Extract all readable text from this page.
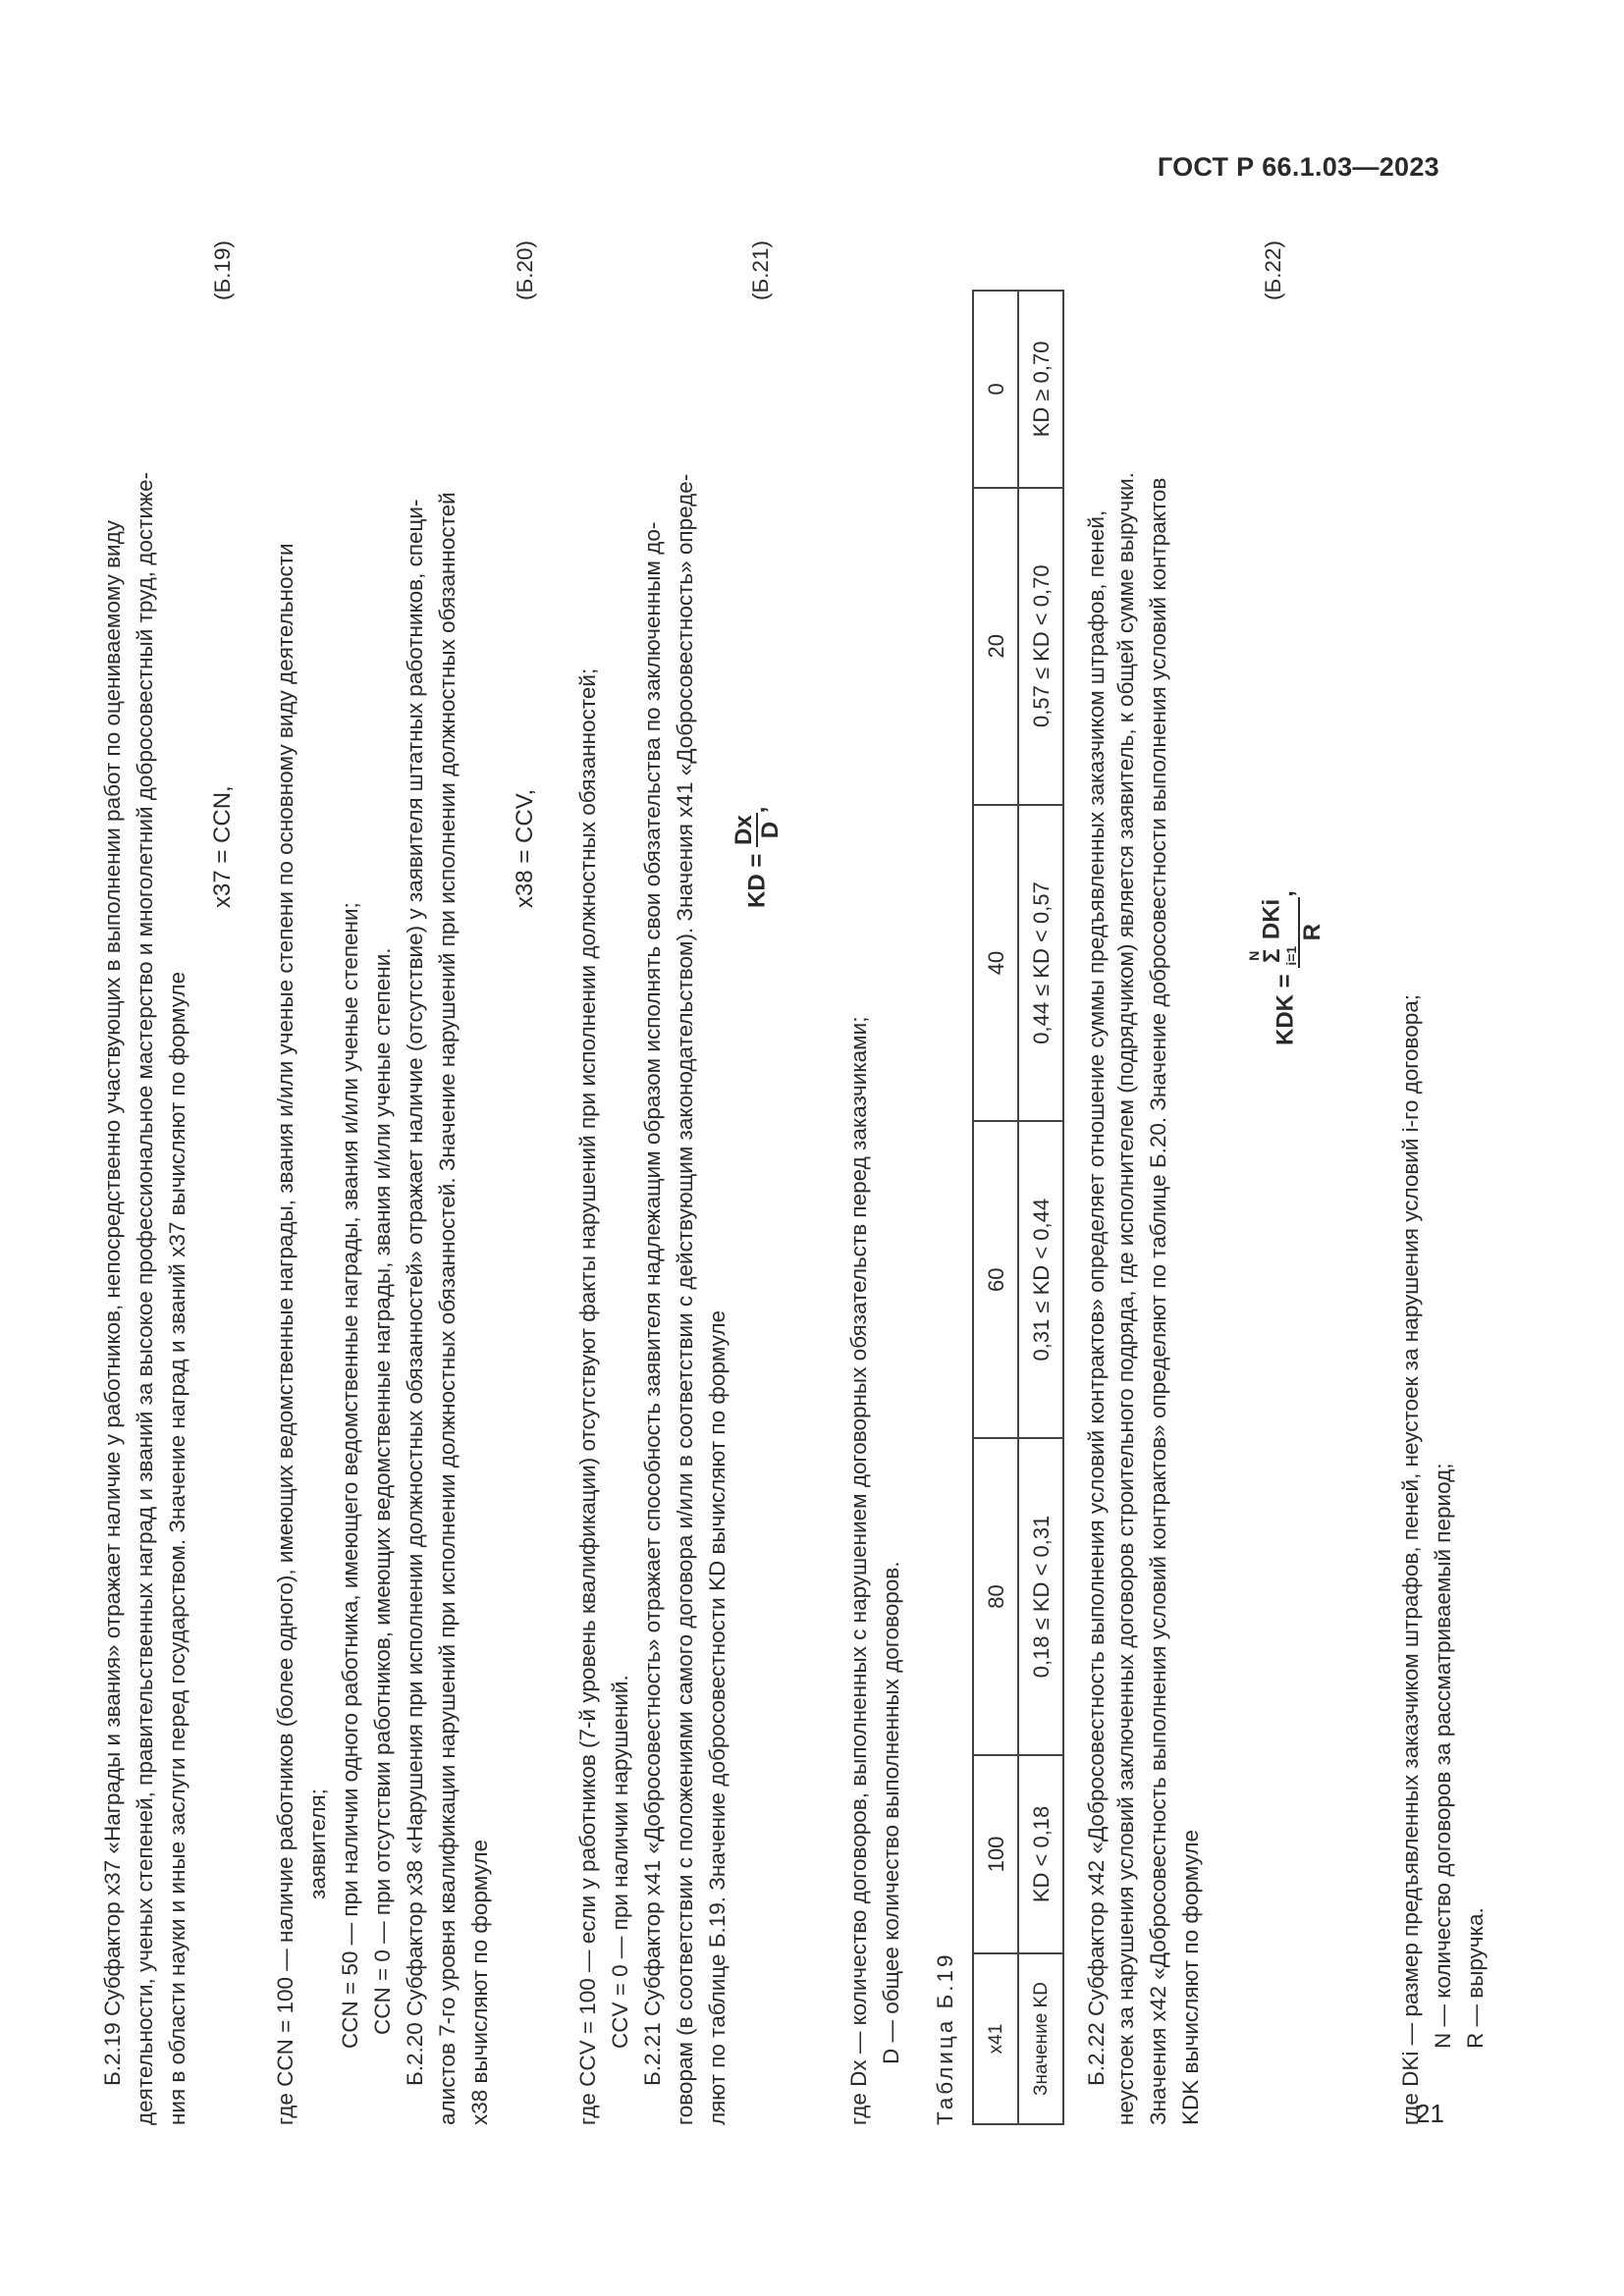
ГОСТ Р 66.1.03—2023
Б.2.19 Субфактор x37 «Награды и звания» отражает наличие у работников, непосредственно участвующих в выполнении работ по оцениваемому виду деятельности, ученых степеней, правительственных наград и званий за высокое профессиональное мастерство и многолетний добросовестный труд, достиже- ния в области науки и иные заслуги перед государством. Значение наград и званий x37 вычисляют по формуле
x37 = CCN,
(Б.19)
где CCN = 100 — наличие работников (более одного), имеющих ведомственные награды, звания и/или ученые степени по основному виду деятельности заявителя; CCN = 50 — при наличии одного работника, имеющего ведомственные награды, звания и/или ученые степени; CCN = 0 — при отсутствии работников, имеющих ведомственные награды, звания и/или ученые степени. Б.2.20 Субфактор x38 «Нарушения при исполнении должностных обязанностей» отражает наличие (отсутствие) у заявителя штатных работников, специ- алистов 7-го уровня квалификации нарушений при исполнении должностных обязанностей. Значение нарушений при исполнении должностных обязанностей x38 вычисляют по формуле
x38 = CCV,
(Б.20)
где CCV = 100 — если у работников (7-й уровень квалификации) отсутствуют факты нарушений при исполнении должностных обязанностей; CCV = 0 — при наличии нарушений. Б.2.21 Субфактор x41 «Добросовестность» отражает способность заявителя надлежащим образом исполнять свои обязательства по заключенным до- говорам (в соответствии с положениями самого договора и/или в соответствии с действующим законодательством). Значения x41 «Добросовестность» опреде- ляют по таблице Б.19. Значение добросовестности KD вычисляют по формуле
KD =
Dx D
,
(Б.21)
где Dx — количество договоров, выполненных с нарушением договорных обязательств перед заказчиками; D — общее количество выполненных договоров. Таблица Б.19 x41	100	80	60	40	20	0
Значение KD	KD < 0,18	0,18 ≤ KD < 0,31	0,31 ≤ KD < 0,44	0,44 ≤ KD < 0,57	0,57 ≤ KD < 0,70	KD ≥ 0,70
Б.2.22 Субфактор x42 «Добросовестность выполнения условий контрактов» определяет отношение суммы предъявленных заказчиком штрафов, пеней, неустоек за нарушения условий заключенных договоров строительного подряда, где исполнителем (подрядчиком) является заявитель, к общей сумме выручки. Значения x42 «Добросовестность выполнения условий контрактов» определяют по таблице Б.20. Значение добросовестности выполнения условий контрактов KDK вычисляют по формуле
KDK =
N
Σ
i=1
DKi R
,
(Б.22)
где DKi — размер предъявленных заказчиком штрафов, пеней, неустоек за нарушения условий i-го договора; N — количество договоров за рассматриваемый период; R — выручка.
21
